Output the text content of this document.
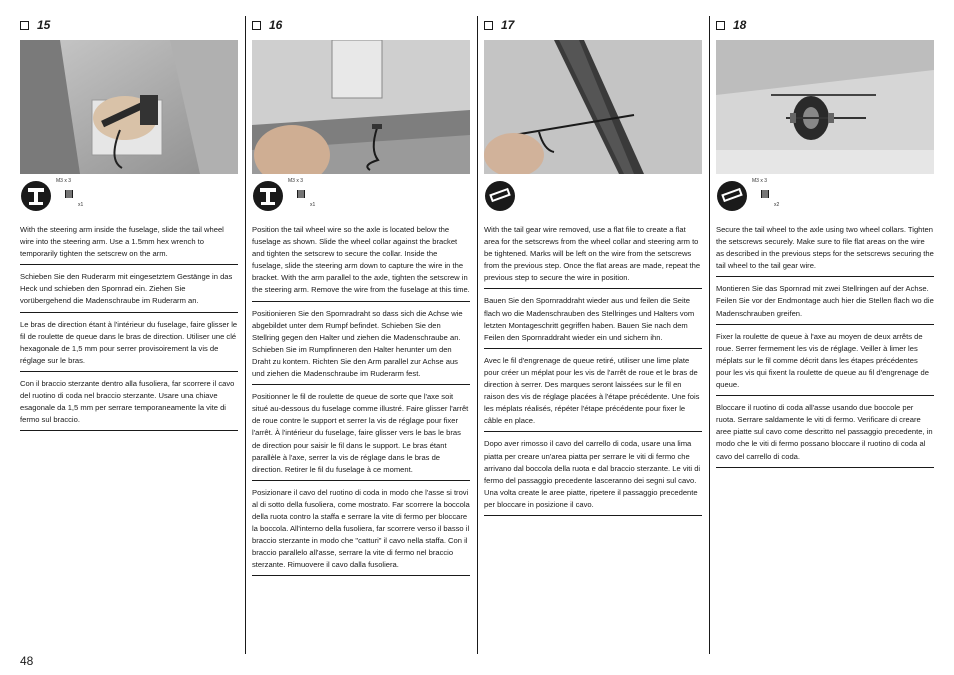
15
M3 x 3
x1

With the steering arm inside the fuselage, slide the tail wheel wire into the steering arm. Use a 1.5mm hex wrench to temporarily tighten the setscrew on the arm.

Schieben Sie den Ruderarm mit eingesetztem Gestänge in das Heck und schieben den Spornrad ein. Ziehen Sie vorübergehend die Madenschraube im Ruderarm an.

Le bras de direction étant à l'intérieur du fuselage, faire glisser le fil de roulette de queue dans le bras de direction. Utiliser une clé hexagonale de 1,5 mm pour serrer provisoirement la vis de réglage sur le bras.

Con il braccio sterzante dentro alla fusoliera, far scorrere il cavo del ruotino di coda nel braccio sterzante. Usare una chiave esagonale da 1,5 mm per serrare temporaneamente la vite di fermo sul braccio.

16
M3 x 3
x1

Position the tail wheel wire so the axle is located below the fuselage as shown. Slide the wheel collar against the bracket and tighten the setscrew to secure the collar. Inside the fuselage, slide the steering arm down to capture the wire in the bracket. With the arm parallel to the axle, tighten the setscrew in the steering arm. Remove the wire from the fuselage at this time.

Positionieren Sie den Spornradraht so dass sich die Achse wie abgebildet unter dem Rumpf befindet. Schieben Sie den Stellring gegen den Halter und ziehen die Madenschraube an. Schieben Sie im Rumpfinneren den Halter herunter um den Draht zu kontern. Richten Sie den Arm parallel zur Achse aus und ziehen die Madenschraube im Ruderarm fest.

Positionner le fil de roulette de queue de sorte que l'axe soit situé au-dessous du fuselage comme illustré. Faire glisser l'arrêt de roue contre le support et serrer la vis de réglage pour fixer l'arrêt. À l'intérieur du fuselage, faire glisser vers le bas le bras de direction pour saisir le fil dans le support. Le bras étant parallèle à l'axe, serrer la vis de réglage dans le bras de direction. Retirer le fil du fuselage à ce moment.

Posizionare il cavo del ruotino di coda in modo che l'asse si trovi al di sotto della fusoliera, come mostrato. Far scorrere la boccola della ruota contro la staffa e serrare la vite di fermo per bloccare la boccola. All'interno della fusoliera, far scorrere verso il basso il braccio sterzante in modo che "catturi" il cavo nella staffa. Con il braccio parallelo all'asse, serrare la vite di fermo nel braccio sterzante. Rimuovere il cavo dalla fusoliera.

17

With the tail gear wire removed, use a flat file to create a flat area for the setscrews from the wheel collar and steering arm to be tightened. Marks will be left on the wire from the setscrews from the previous step. Once the flat areas are made, repeat the previous step to secure the wire in position.

Bauen Sie den Spornraddraht wieder aus und feilen die Seite flach wo die Madenschrauben des Stellringes und Halters vom letzten Montageschritt gegriffen haben. Bauen Sie nach dem Feilen den Spornraddraht wieder ein und sichern ihn.

Avec le fil d'engrenage de queue retiré, utiliser une lime plate pour créer un méplat pour les vis de l'arrêt de roue et le bras de direction à serrer. Des marques seront laissées sur le fil en raison des vis de réglage placées à l'étape précédente. Une fois les méplats réalisés, répéter l'étape précédente pour fixer le câble en place.

Dopo aver rimosso il cavo del carrello di coda, usare una lima piatta per creare un'area piatta per serrare le viti di fermo che arrivano dal boccola della ruota e dal braccio sterzante. Le viti di fermo del passaggio precedente lasceranno dei segni sul cavo. Una volta create le aree piatte, ripetere il passaggio precedente per bloccare in posizione il cavo.

18
M3 x 3
x2

Secure the tail wheel to the axle using two wheel collars. Tighten the setscrews securely. Make sure to file flat areas on the wire as described in the previous steps for the setscrews securing the tail wheel to the tail gear wire.

Montieren Sie das Spornrad mit zwei Stellringen auf der Achse. Feilen Sie vor der Endmontage auch hier die Stellen flach wo die Madenschrauben greifen.

Fixer la roulette de queue à l'axe au moyen de deux arrêts de roue. Serrer fermement les vis de réglage. Veiller à limer les méplats sur le fil comme décrit dans les étapes précédentes pour les vis qui fixent la roulette de queue au fil d'engrenage de queue.

Bloccare il ruotino di coda all'asse usando due boccole per ruota. Serrare saldamente le viti di fermo. Verificare di creare aree piatte sul cavo come descritto nel passaggio precedente, in modo che le viti di fermo possano bloccare il ruotino di coda al cavo del carrello di coda.

48
